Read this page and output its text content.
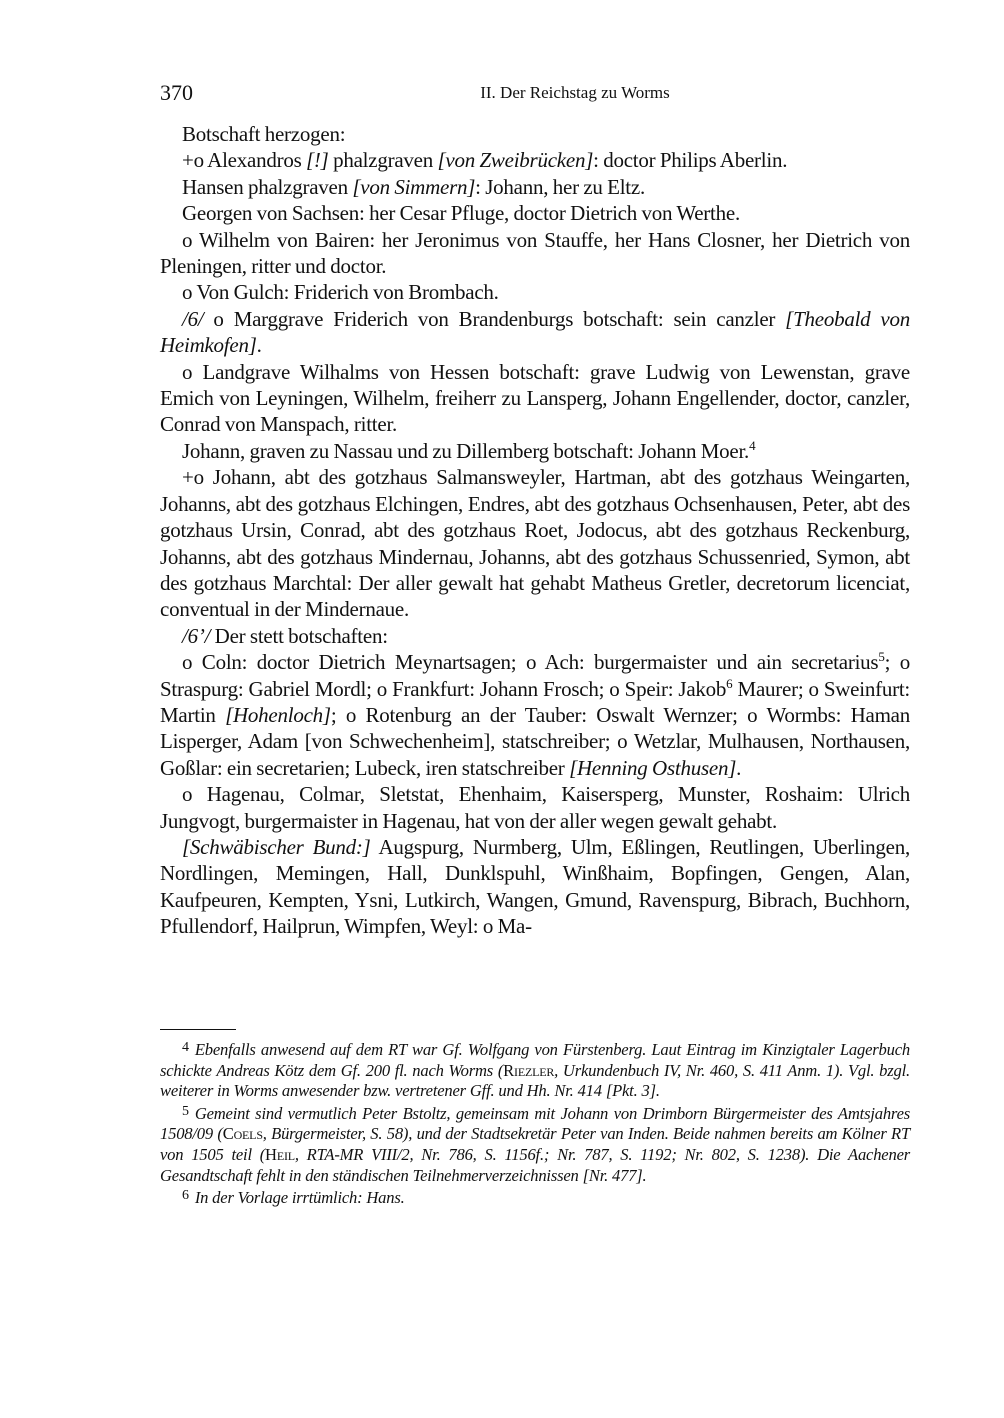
370	II. Der Reichstag zu Worms

Botschaft herzogen:

+o Alexandros [!] phalzgraven [von Zweibrücken]: doctor Philips Aberlin.

Hansen phalzgraven [von Simmern]: Johann, her zu Eltz.

Georgen von Sachsen: her Cesar Pfluge, doctor Dietrich von Werthe.

o Wilhelm von Bairen: her Jeronimus von Stauffe, her Hans Closner, her Dietrich von Pleningen, ritter und doctor.

o Von Gulch: Friderich von Brombach.

/6/ o Marggrave Friderich von Brandenburgs botschaft: sein canzler [Theobald von Heimkofen].

o Landgrave Wilhalms von Hessen botschaft: grave Ludwig von Lewenstan, grave Emich von Leyningen, Wilhelm, freiherr zu Lansperg, Johann Engellender, doctor, canzler, Conrad von Manspach, ritter.

Johann, graven zu Nassau und zu Dillemberg botschaft: Johann Moer.$^4$

+o Johann, abt des gotzhaus Salmansweyler, Hartman, abt des gotzhaus Weingarten, Johanns, abt des gotzhaus Elchingen, Endres, abt des gotzhaus Ochsenhausen, Peter, abt des gotzhaus Ursin, Conrad, abt des gotzhaus Roet, Jodocus, abt des gotzhaus Reckenburg, Johanns, abt des gotzhaus Mindernau, Johanns, abt des gotzhaus Schussenried, Symon, abt des gotzhaus Marchtal: Der aller gewalt hat gehabt Matheus Gretler, decretorum licenciat, conventual in der Mindernaue.

/6’/ Der stett botschaften:

o Coln: doctor Dietrich Meynartsagen; o Ach: burgermaister und ain secretarius$^5$; o Straspurg: Gabriel Mordl; o Frankfurt: Johann Frosch; o Speir: Jakob$^6$ Maurer; o Sweinfurt: Martin [Hohenloch]; o Rotenburg an der Tauber: Oswalt Wernzer; o Wormbs: Haman Lisperger, Adam [von Schwechenheim], statschreiber; o Wetzlar, Mulhausen, Northausen, Goßlar: ein secretarien; Lubeck, iren statschreiber [Henning Osthusen].

o Hagenau, Colmar, Sletstat, Ehenhaim, Kaisersperg, Munster, Roshaim: Ulrich Jungvogt, burgermaister in Hagenau, hat von der aller wegen gewalt gehabt.

[Schwäbischer Bund:] Augspurg, Nurmberg, Ulm, Eßlingen, Reutlingen, Uberlingen, Nordlingen, Memingen, Hall, Dunklspuhl, Winßhaim, Bopfingen, Gengen, Alan, Kaufpeuren, Kempten, Ysni, Lutkirch, Wangen, Gmund, Ravenspurg, Bibrach, Buchhorn, Pfullendorf, Hailprun, Wimpfen, Weyl: o Ma-

$^4$ Ebenfalls anwesend auf dem RT war Gf. Wolfgang von Fürstenberg. Laut Eintrag im Kinzigtaler Lagerbuch schickte Andreas Kötz dem Gf. 200 fl. nach Worms (Riezler, Urkundenbuch IV, Nr. 460, S. 411 Anm. 1). Vgl. bzgl. weiterer in Worms anwesender bzw. vertretener Gff. und Hh. Nr. 414 [Pkt. 3].

$^5$ Gemeint sind vermutlich Peter Bstoltz, gemeinsam mit Johann von Drimborn Bürgermeister des Amtsjahres 1508/09 (Coels, Bürgermeister, S. 58), und der Stadtsekretär Peter van Inden. Beide nahmen bereits am Kölner RT von 1505 teil (Heil, RTA-MR VIII/2, Nr. 786, S. 1156f.; Nr. 787, S. 1192; Nr. 802, S. 1238). Die Aachener Gesandtschaft fehlt in den ständischen Teilnehmerverzeichnissen [Nr. 477].

$^6$ In der Vorlage irrtümlich: Hans.
